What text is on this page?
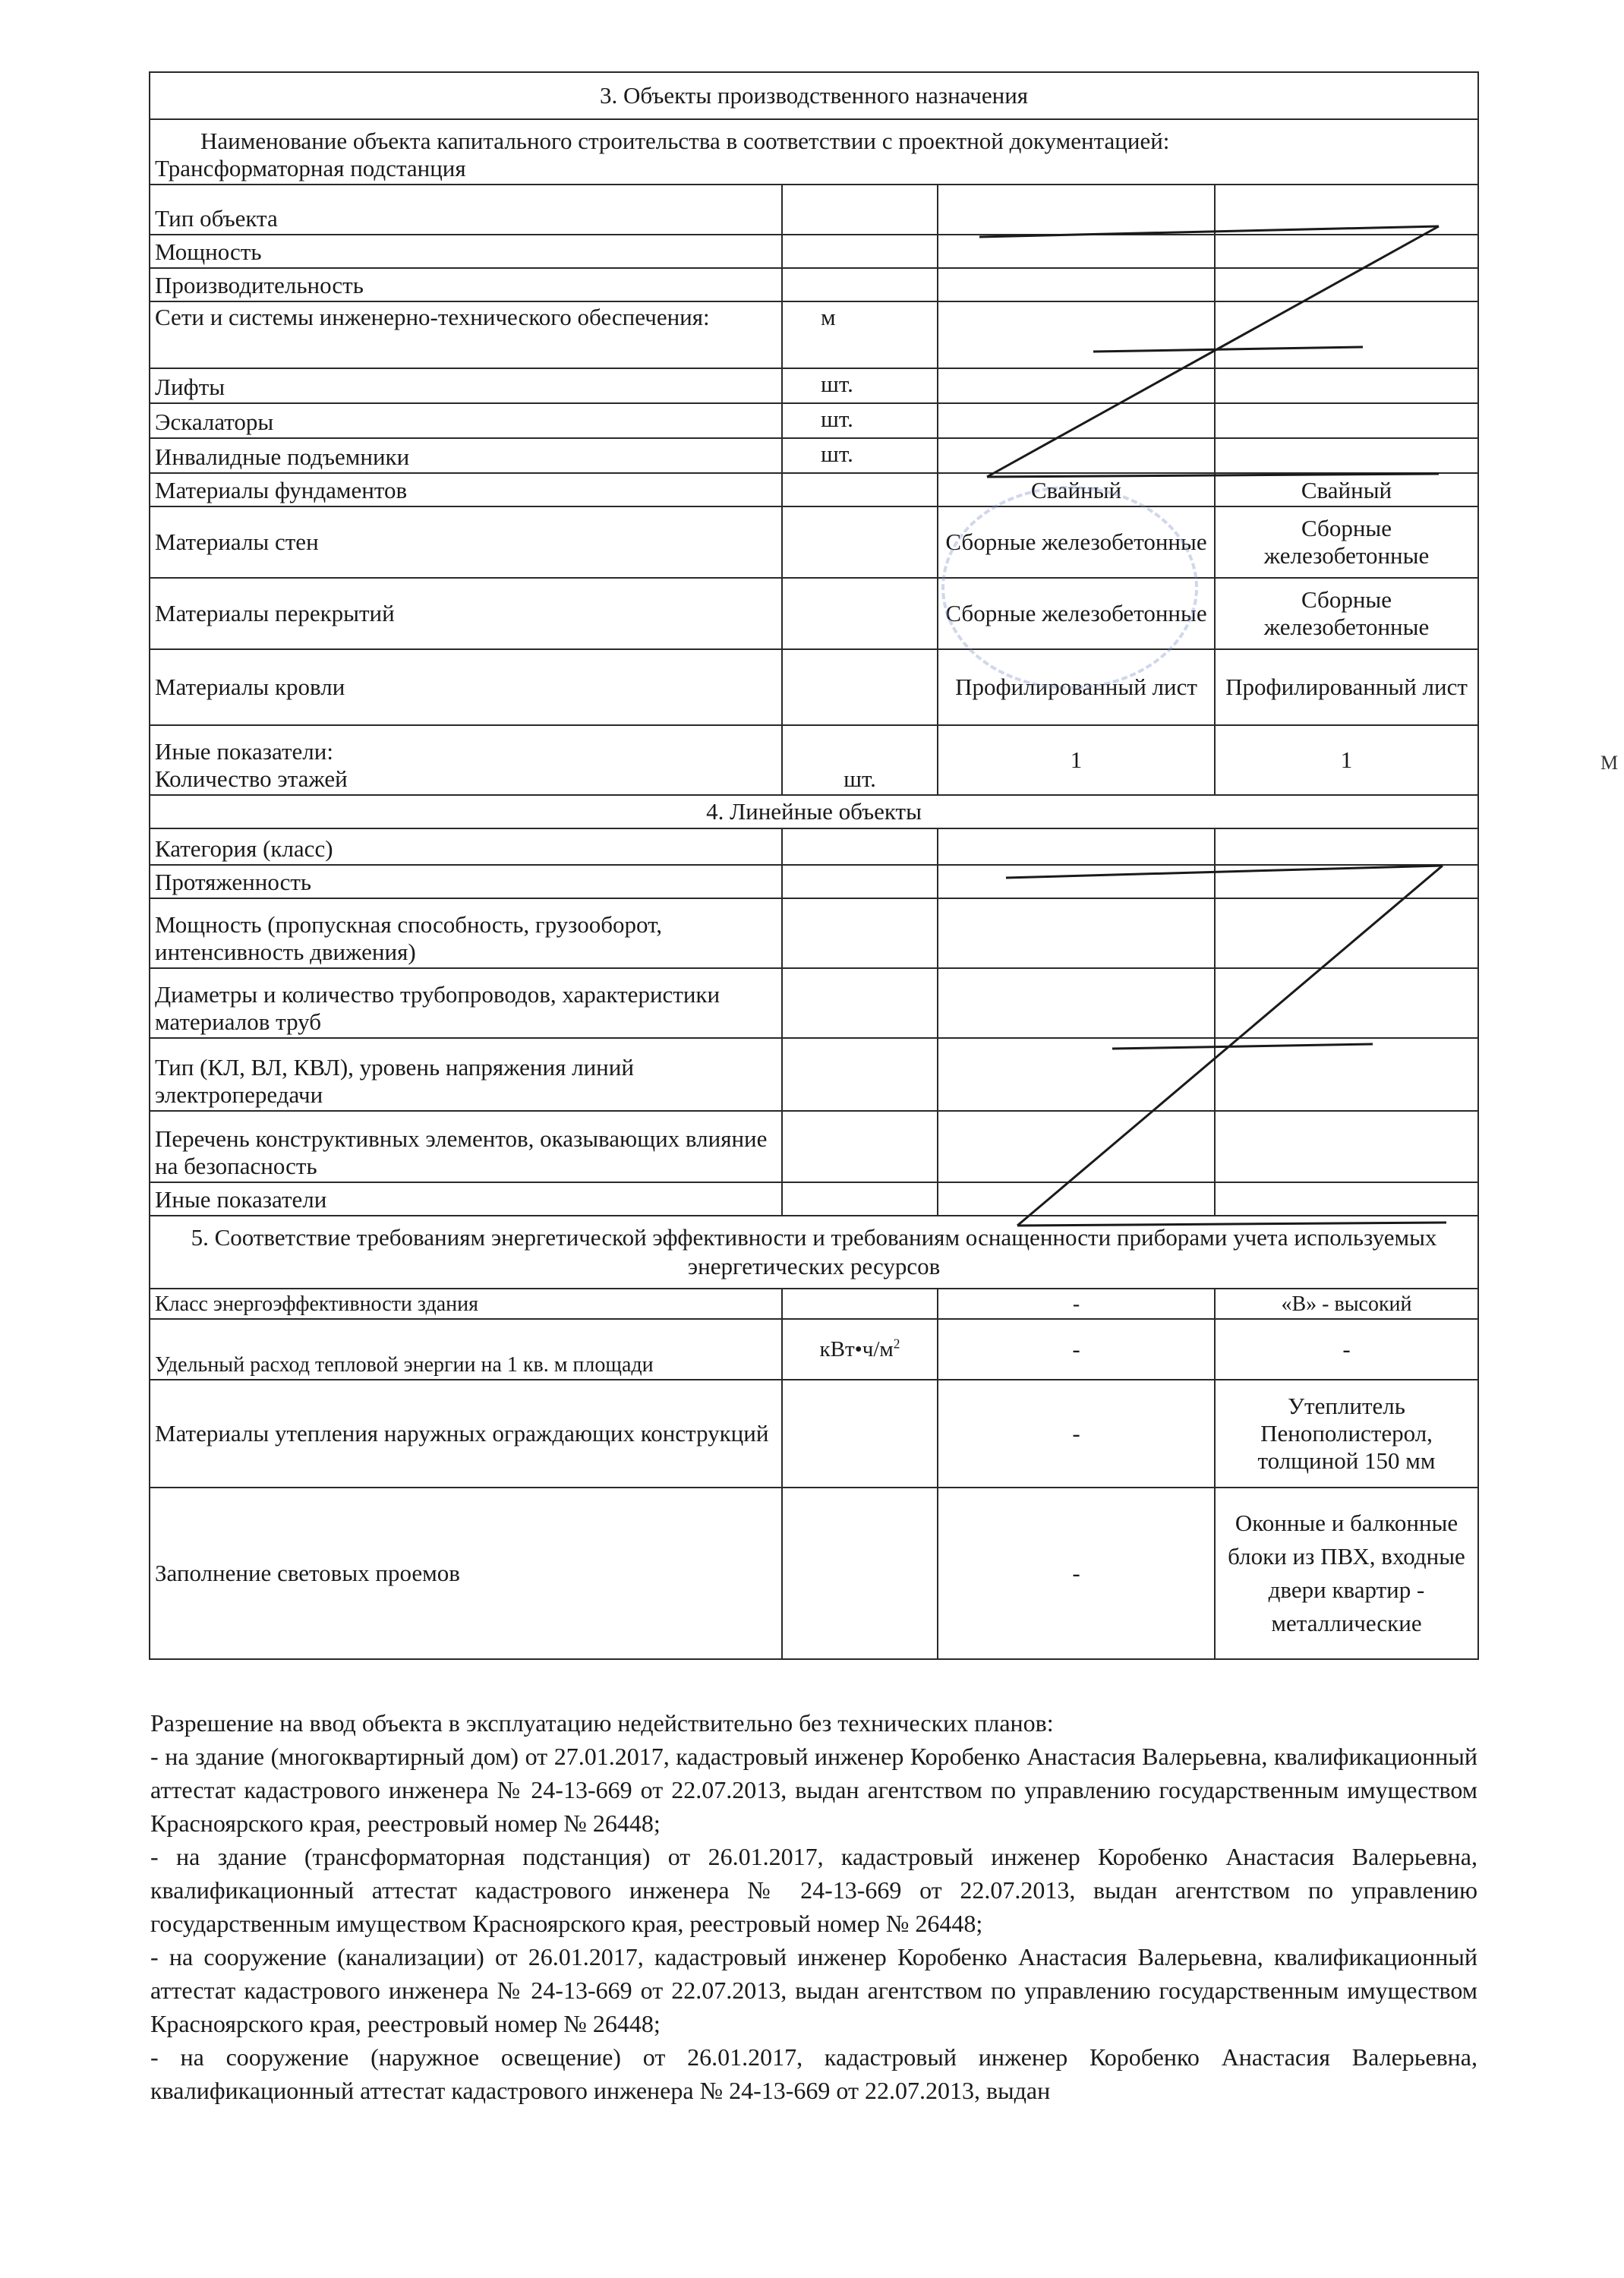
3. Объекты производственного назначения			
Наименование объекта капитального строительства в соответствии с проектной документацией:
Трансформаторная подстанция			
Тип объекта			
Мощность			
Производительность			
Сети и системы инженерно-технического обеспечения:	м		
Лифты	шт.		
Эскалаторы	шт.		
Инвалидные подъемники	шт.		
Материалы фундаментов		Свайный	Свайный
Материалы стен		Сборные железобетонные	Сборные железобетонные
Материалы перекрытий		Сборные железобетонные	Сборные железобетонные
Материалы кровли		Профилированный лист	Профилированный лист
Иные показатели:
Количество этажей	шт.	1	1
4. Линейные объекты			
Категория (класс)			
Протяженность			
Мощность (пропускная способность, грузооборот, интенсивность движения)			
Диаметры и количество трубопроводов, характеристики материалов труб			
Тип (КЛ, ВЛ, КВЛ), уровень напряжения линий электропередачи			
Перечень конструктивных элементов, оказывающих влияние на безопасность			
Иные показатели			
5. Соответствие требованиям энергетической эффективности и требованиям оснащенности приборами учета используемых энергетических ресурсов			
Класс энергоэффективности здания		-	«В» - высокий
Удельный расход тепловой энергии на 1 кв. м площади	$кВт•ч/м^2$	-	-
Материалы утепления наружных ограждающих конструкций		-	Утеплитель Пенополистерол, толщиной 150 мм
Заполнение световых проемов		-	Оконные и балконные блоки из ПВХ, входные двери квартир - металлические

Разрешение на ввод объекта в эксплуатацию недействительно без технических планов:

- на здание (многоквартирный дом) от 27.01.2017, кадастровый инженер Коробенко Анастасия Валерьевна, квалификационный аттестат кадастрового инженера № 24-13-669 от 22.07.2013, выдан агентством по управлению государственным имуществом Красноярского края, реестровый номер № 26448;

- на здание (трансформаторная подстанция) от 26.01.2017, кадастровый инженер Коробенко Анастасия Валерьевна, квалификационный аттестат кадастрового инженера № 24-13-669 от 22.07.2013, выдан агентством по управлению государственным имуществом Красноярского края, реестровый номер № 26448;

- на сооружение (канализации) от 26.01.2017, кадастровый инженер Коробенко Анастасия Валерьевна, квалификационный аттестат кадастрового инженера № 24-13-669 от 22.07.2013, выдан агентством по управлению государственным имуществом Красноярского края, реестровый номер № 26448;

- на сооружение (наружное освещение) от 26.01.2017, кадастровый инженер Коробенко Анастасия Валерьевна, квалификационный аттестат кадастрового инженера № 24-13-669 от 22.07.2013, выдан

М
